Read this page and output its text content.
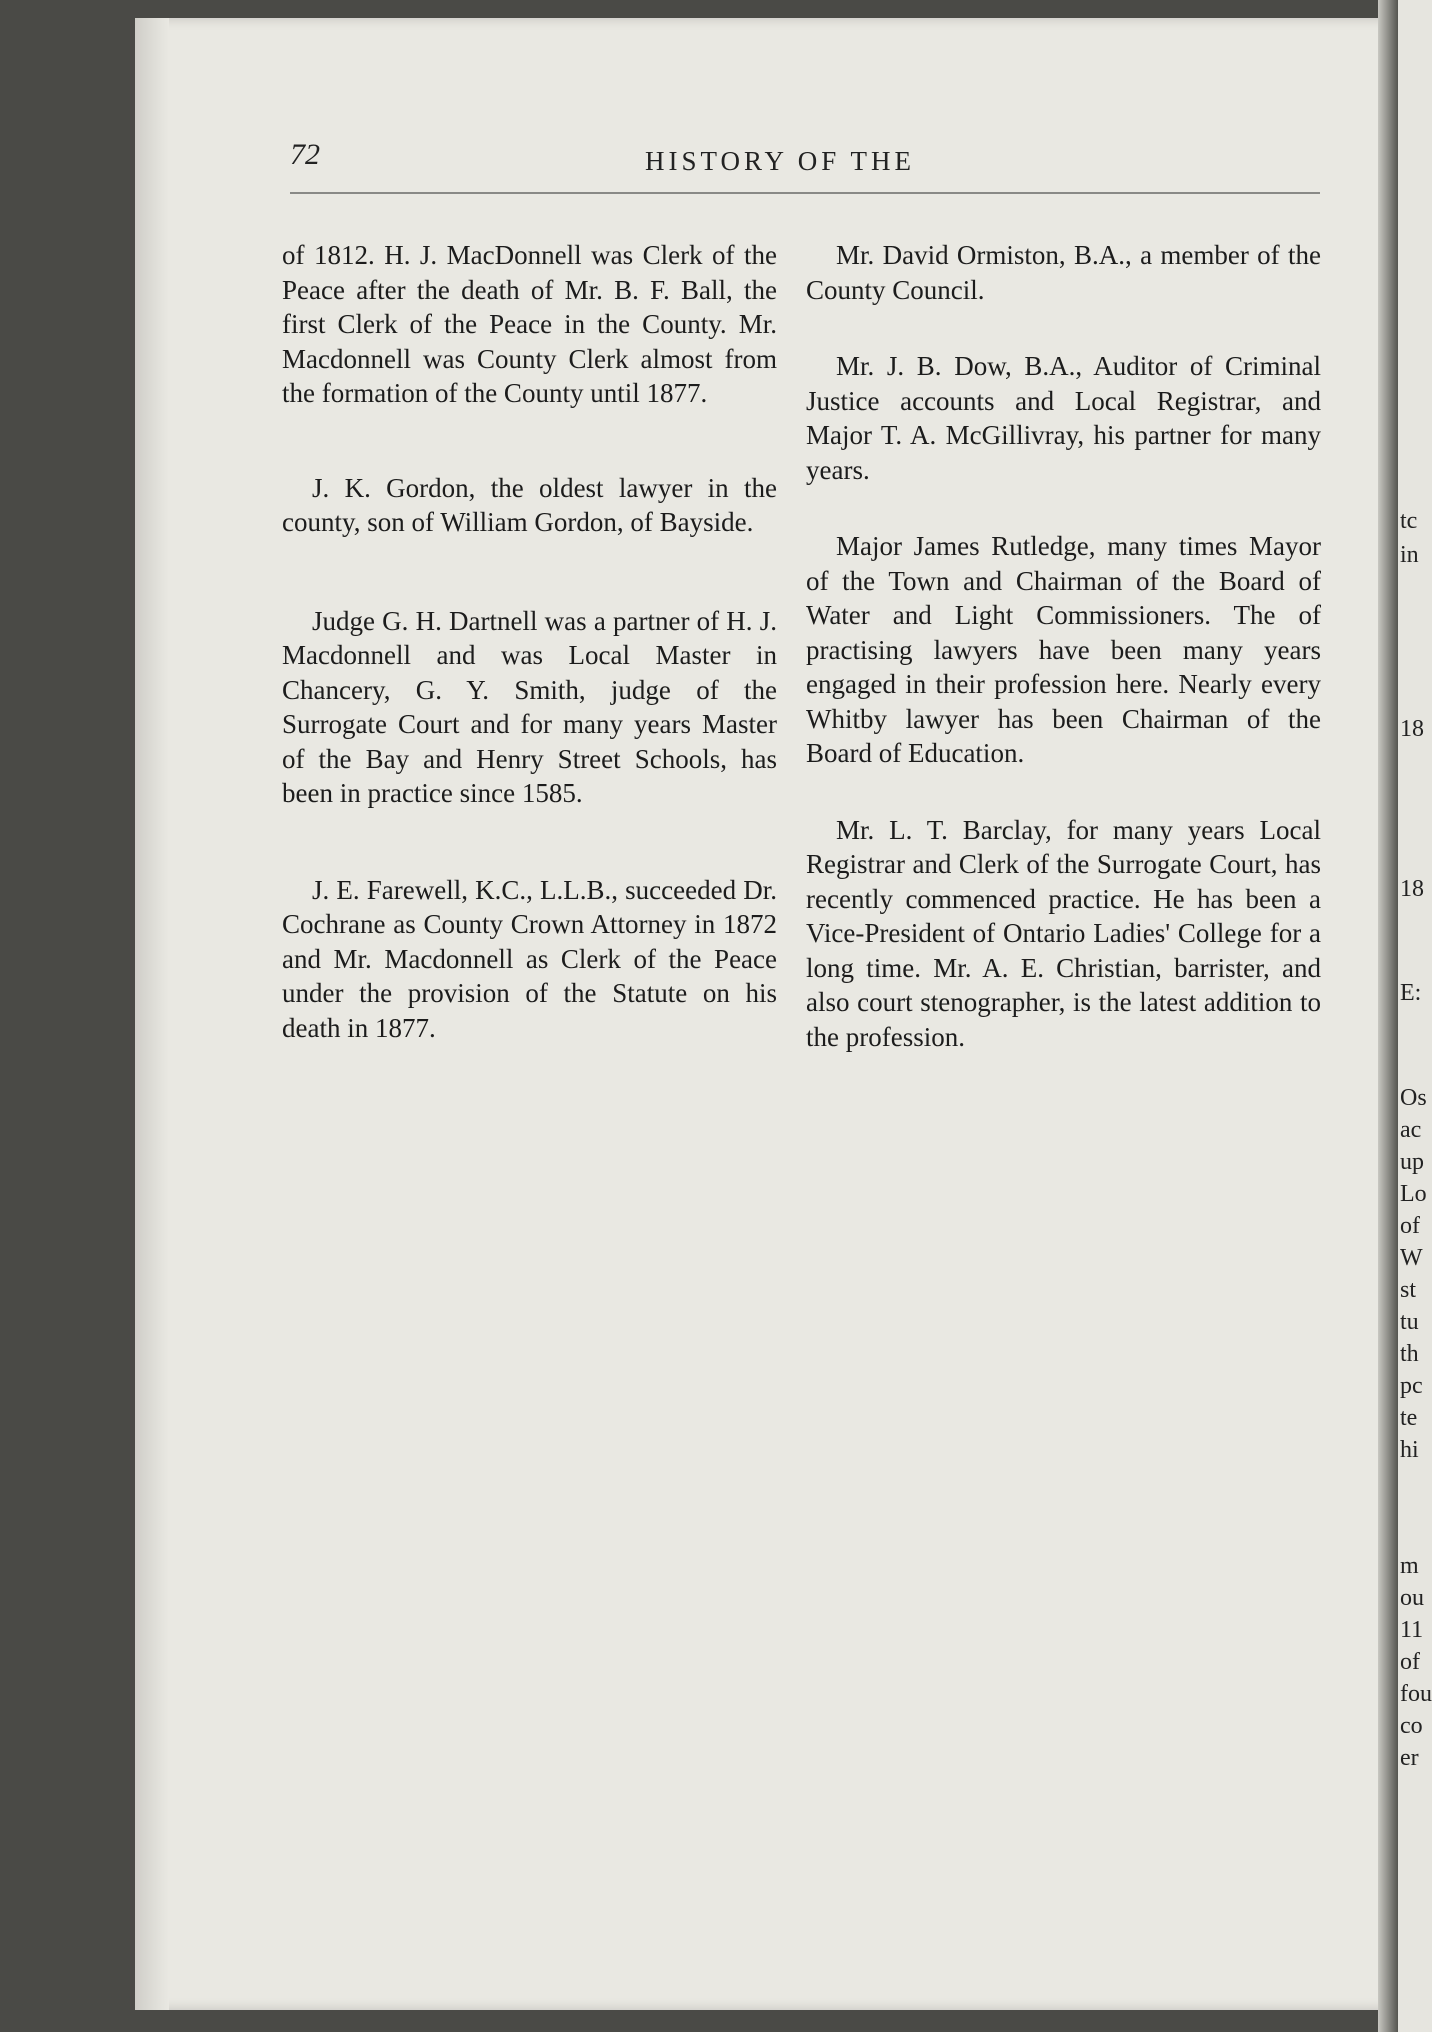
tc
in
18
18
E:
Os
ac
up
Lo
of
W
st
tu
th
pc
te
hi
m
ou
11
of
fou
co
er
72	HISTORY OF THE

of 1812. H. J. MacDonnell was Clerk of the Peace after the death of Mr. B. F. Ball, the first Clerk of the Peace in the County. Mr. Macdonnell was County Clerk almost from the formation of the County until 1877.

J. K. Gordon, the oldest lawyer in the county, son of William Gordon, of Bayside.

Judge G. H. Dartnell was a partner of H. J. Macdonnell and was Local Master in Chancery, G. Y. Smith, judge of the Surrogate Court and for many years Master of the Bay and Henry Street Schools, has been in practice since 1585.

J. E. Farewell, K.C., L.L.B., succeeded Dr. Cochrane as County Crown Attorney in 1872 and Mr. Macdonnell as Clerk of the Peace under the provision of the Statute on his death in 1877.

Mr. David Ormiston, B.A., a member of the County Council.

Mr. J. B. Dow, B.A., Auditor of Criminal Justice accounts and Local Registrar, and Major T. A. McGillivray, his partner for many years.

Major James Rutledge, many times Mayor of the Town and Chairman of the Board of Water and Light Commissioners. The of practising lawyers have been many years engaged in their profession here. Nearly every Whitby lawyer has been Chairman of the Board of Education.

Mr. L. T. Barclay, for many years Local Registrar and Clerk of the Surrogate Court, has recently commenced practice. He has been a Vice-President of Ontario Ladies' College for a long time. Mr. A. E. Christian, barrister, and also court stenographer, is the latest addition to the profession.
